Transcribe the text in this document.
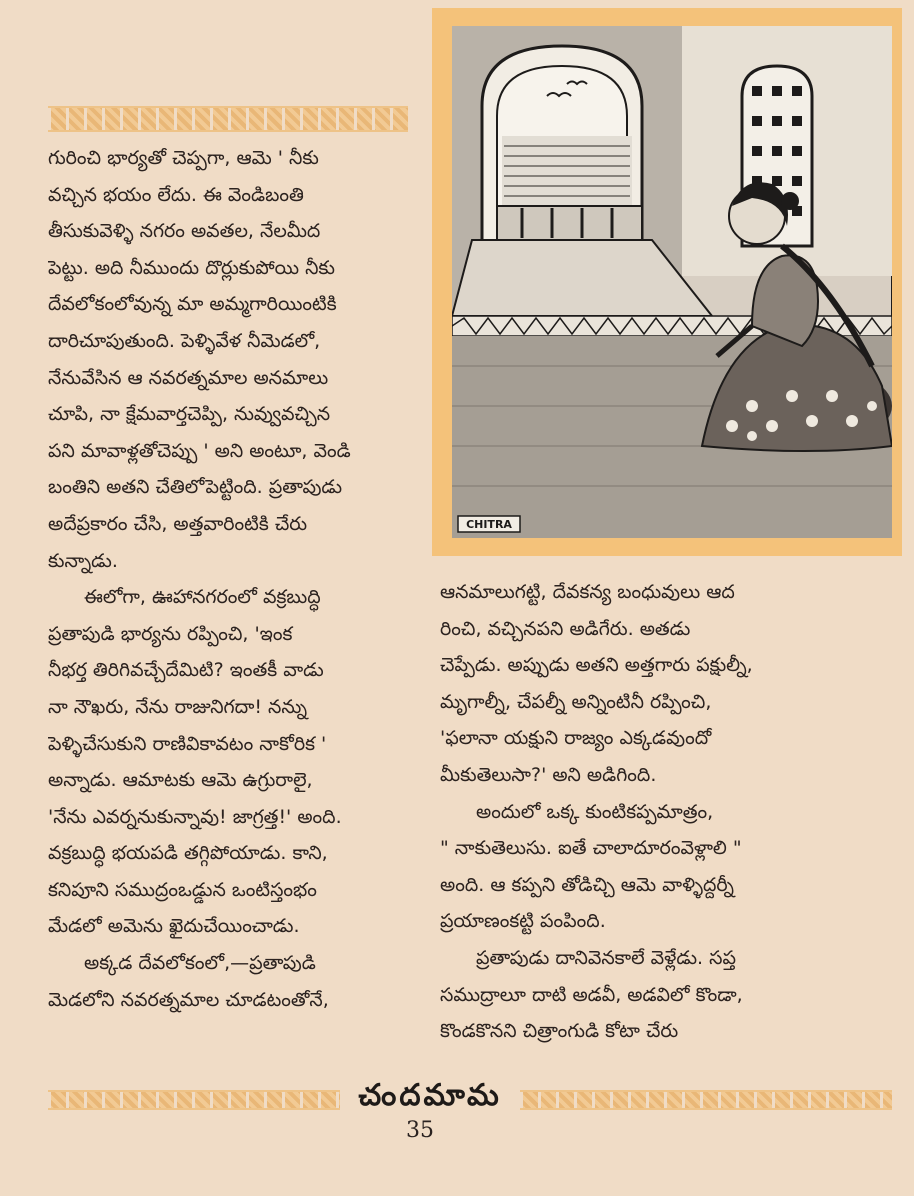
గురించి భార్యతో చెప్పగా, ఆమె ' నీకు
వచ్చిన భయం లేదు. ఈ వెండిబంతి
తీసుకువెళ్ళి నగరం అవతల, నేలమీద
పెట్టు. అది నీముందు దొర్లుకుపోయి నీకు
దేవలోకంలోవున్న మా అమ్మగారియింటికి
దారిచూపుతుంది. పెళ్ళివేళ నీమెడలో,
నేనువేసిన ఆ నవరత్నమాల అనమాలు
చూపి, నా క్షేమవార్తచెప్పి, నువ్వువచ్చిన
పని మావాళ్లతోచెప్పు ' అని అంటూ, వెండి
బంతిని అతని చేతిలోపెట్టింది. ప్రతాపుడు
అదేప్రకారం చేసి, అత్తవారింటికి చేరు
కున్నాడు.
ఈలోగా, ఊహానగరంలో వక్రబుద్ధి
ప్రతాపుడి భార్యను రప్పించి, 'ఇంక
నీభర్త తిరిగివచ్చేదేమిటి? ఇంతకీ వాడు
నా నౌఖరు, నేను రాజునిగదా! నన్ను
పెళ్ళిచేసుకుని రాణివికావటం నాకోరిక '
అన్నాడు. ఆమాటకు ఆమె ఉగ్రురాలై,
'నేను ఎవర్ననుకున్నావు! జాగ్రత్త!' అంది.
వక్రబుద్ధి భయపడి తగ్గిపోయాడు. కాని,
కనిపూని సముద్రంఒడ్డున ఒంటిస్తంభం
మేడలో అమెను ఖైదుచేయించాడు.
అక్కడ దేవలోకంలో,—ప్రతాపుడి
మెడలోని నవరత్నమాల చూడటంతోనే,
CHITRA
ఆనమాలుగట్టి, దేవకన్య బంధువులు ఆద
రించి, వచ్చినపని అడిగేరు. అతడు
చెప్పేడు. అప్పుడు అతని అత్తగారు పక్షుల్నీ,
మృగాల్నీ, చేపల్నీ అన్నింటినీ రప్పించి,
'ఫలానా యక్షుని రాజ్యం ఎక్కడవుందో
మీకుతెలుసా?' అని అడిగింది.
అందులో ఒక్క కుంటికప్పమాత్రం,
" నాకుతెలుసు. ఐతే చాలాదూరంవెళ్లాలి "
అంది. ఆ కప్పని తోడిచ్చి ఆమె వాళ్ళిద్దర్నీ
ప్రయాణంకట్టి పంపింది.
ప్రతాపుడు దానివెనకాలే వెళ్లేడు. సప్త
సముద్రాలూ దాటి అడవీ, అడవిలో కొండా,
కొండకొనని చిత్రాంగుడి కోటా చేరు
చందమామ
35
